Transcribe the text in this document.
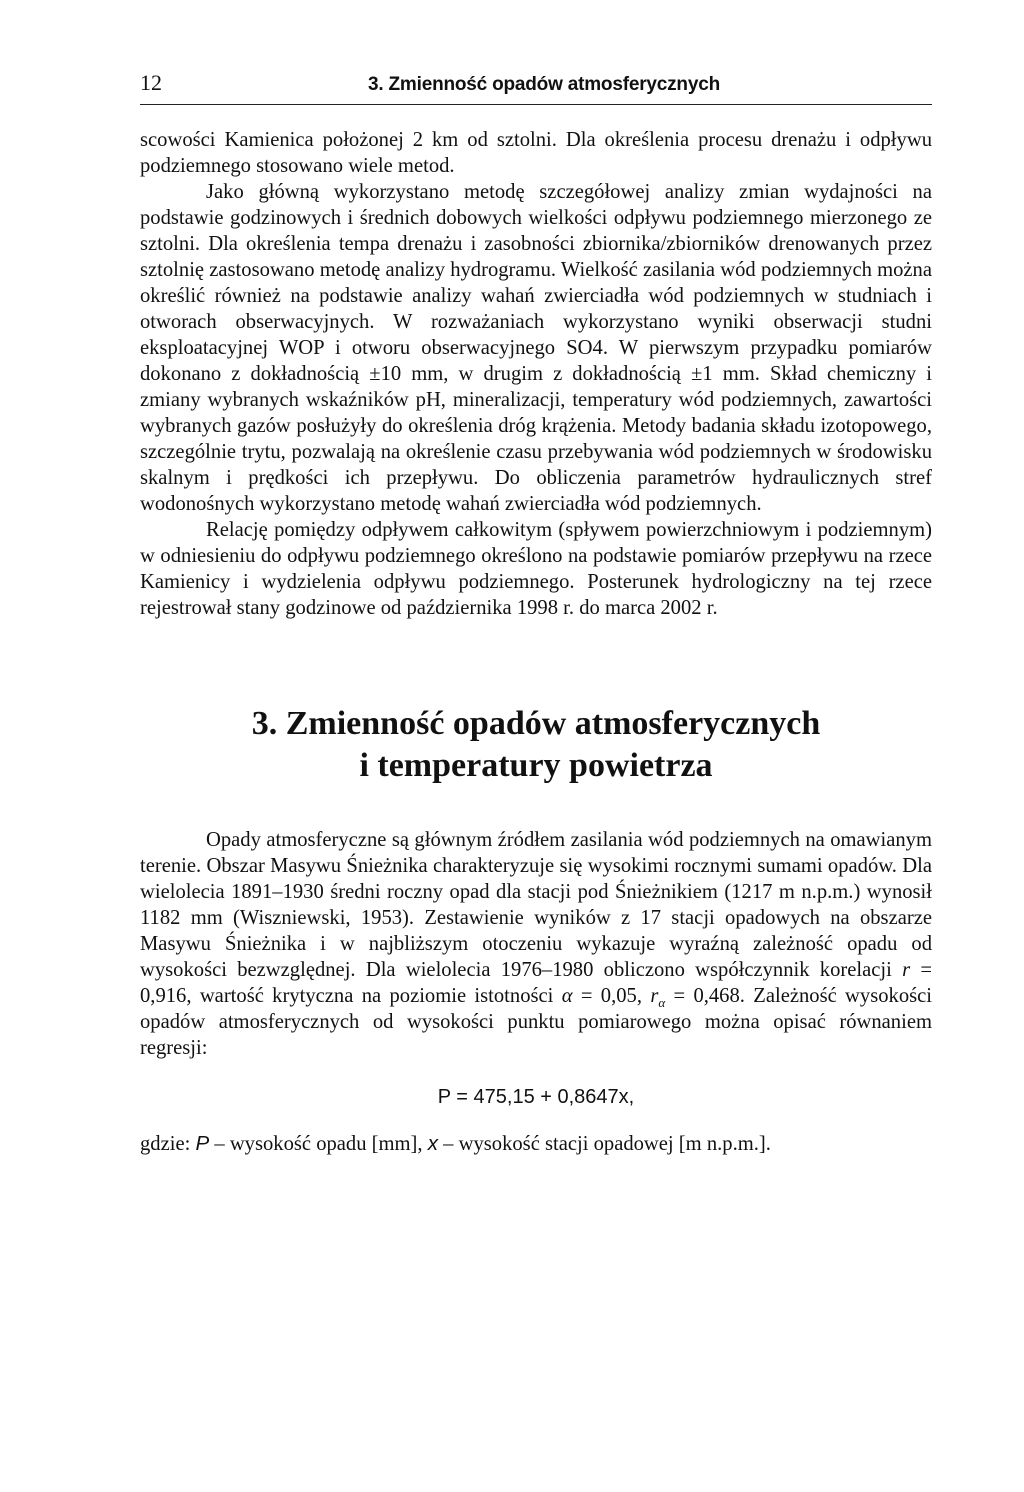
12	3. Zmienność opadów atmosferycznych

scowości Kamienica położonej 2 km od sztolni. Dla określenia procesu drenażu i odpływu podziemnego stosowano wiele metod.

Jako główną wykorzystano metodę szczegółowej analizy zmian wydajności na podstawie godzinowych i średnich dobowych wielkości odpływu podziemnego mierzonego ze sztolni. Dla określenia tempa drenażu i zasobności zbiornika/zbiorników drenowanych przez sztolnię zastosowano metodę analizy hydrogramu. Wielkość zasilania wód podziemnych można określić również na podstawie analizy wahań zwierciadła wód podziemnych w studniach i otworach obserwacyjnych. W rozważaniach wykorzystano wyniki obserwacji studni eksploatacyjnej WOP i otworu obserwacyjnego SO4. W pierwszym przypadku pomiarów dokonano z dokładnością ±10 mm, w drugim z dokładnością ±1 mm. Skład chemiczny i zmiany wybranych wskaźników pH, mineralizacji, temperatury wód podziemnych, zawartości wybranych gazów posłużyły do określenia dróg krążenia. Metody badania składu izotopowego, szczególnie trytu, pozwalają na określenie czasu przebywania wód podziemnych w środowisku skalnym i prędkości ich przepływu. Do obliczenia parametrów hydraulicznych stref wodonośnych wykorzystano metodę wahań zwierciadła wód podziemnych.

Relację pomiędzy odpływem całkowitym (spływem powierzchniowym i podziemnym) w odniesieniu do odpływu podziemnego określono na podstawie pomiarów przepływu na rzece Kamienicy i wydzielenia odpływu podziemnego. Posterunek hydrologiczny na tej rzece rejestrował stany godzinowe od października 1998 r. do marca 2002 r.

3. Zmienność opadów atmosferycznych
i temperatury powietrza

Opady atmosferyczne są głównym źródłem zasilania wód podziemnych na omawianym terenie. Obszar Masywu Śnieżnika charakteryzuje się wysokimi rocznymi sumami opadów. Dla wielolecia 1891–1930 średni roczny opad dla stacji pod Śnieżnikiem (1217 m n.p.m.) wynosił 1182 mm (Wiszniewski, 1953). Zestawienie wyników z 17 stacji opadowych na obszarze Masywu Śnieżnika i w najbliższym otoczeniu wykazuje wyraźną zależność opadu od wysokości bezwzględnej. Dla wielolecia 1976–1980 obliczono współczynnik korelacji r = 0,916, wartość krytyczna na poziomie istotności α = 0,05, $r_\alpha = 0,468$. Zależność wysokości opadów atmosferycznych od wysokości punktu pomiarowego można opisać równaniem regresji:

P = 475,15 + 0,8647x,
gdzie: P – wysokość opadu [mm], x – wysokość stacji opadowej [m n.p.m.].
